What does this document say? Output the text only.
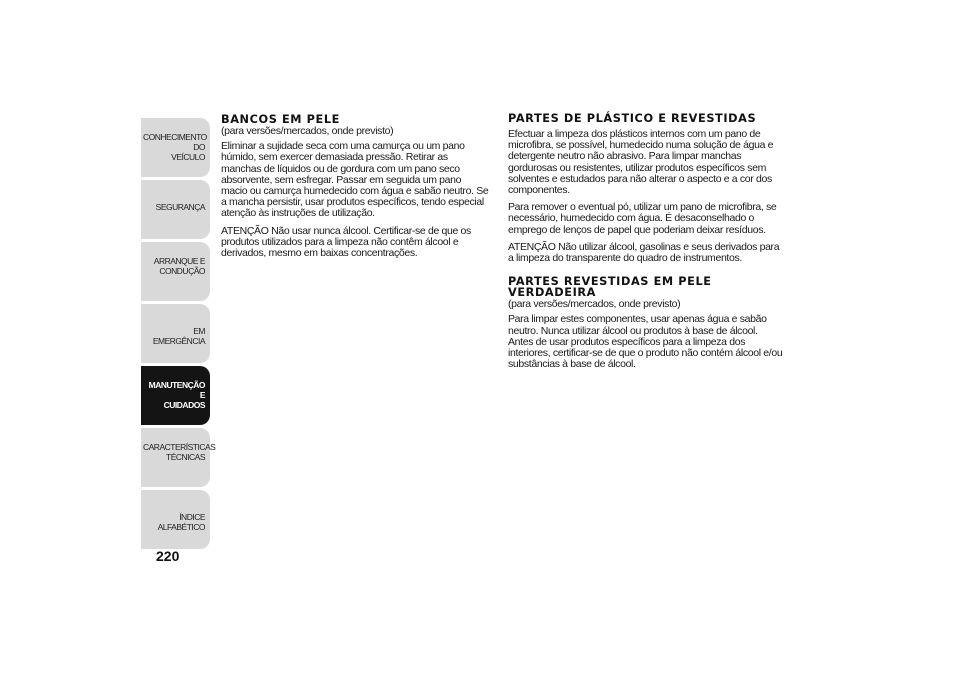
CONHECIMENTO DO
VEÍCULO
SEGURANÇA
ARRANQUE E
CONDUÇÃO
EM EMERGÊNCIA
MANUTENÇÃO E
CUIDADOS
CARACTERÍSTICAS
TÉCNICAS
ÍNDICE ALFABÉTICO
220
BANCOS EM PELE

(para versões/mercados, onde previsto)

Eliminar a sujidade seca com uma camurça ou um pano húmido, sem exercer demasiada pressão. Retirar as manchas de líquidos ou de gordura com um pano seco absorvente, sem esfregar. Passar em seguida um pano macio ou camurça humedecido com água e sabão neutro. Se a mancha persistir, usar produtos específicos, tendo especial atenção às instruções de utilização.

ATENÇÃO Não usar nunca álcool. Certificar-se de que os produtos utilizados para a limpeza não contêm álcool e derivados, mesmo em baixas concentrações.

PARTES DE PLÁSTICO E REVESTIDAS

Efectuar a limpeza dos plásticos internos com um pano de microfibra, se possível, humedecido numa solução de água e detergente neutro não abrasivo. Para limpar manchas gordurosas ou resistentes, utilizar produtos específicos sem solventes e estudados para não alterar o aspecto e a cor dos componentes.

Para remover o eventual pó, utilizar um pano de microfibra, se necessário, humedecido com água. É desaconselhado o emprego de lenços de papel que poderiam deixar resíduos.

ATENÇÃO Não utilizar álcool, gasolinas e seus derivados para a limpeza do transparente do quadro de instrumentos.

PARTES REVESTIDAS EM PELE
VERDADEIRA

(para versões/mercados, onde previsto)

Para limpar estes componentes, usar apenas água e sabão neutro. Nunca utilizar álcool ou produtos à base de álcool. Antes de usar produtos específicos para a limpeza dos interiores, certificar-se de que o produto não contém álcool e/ou substâncias à base de álcool.
